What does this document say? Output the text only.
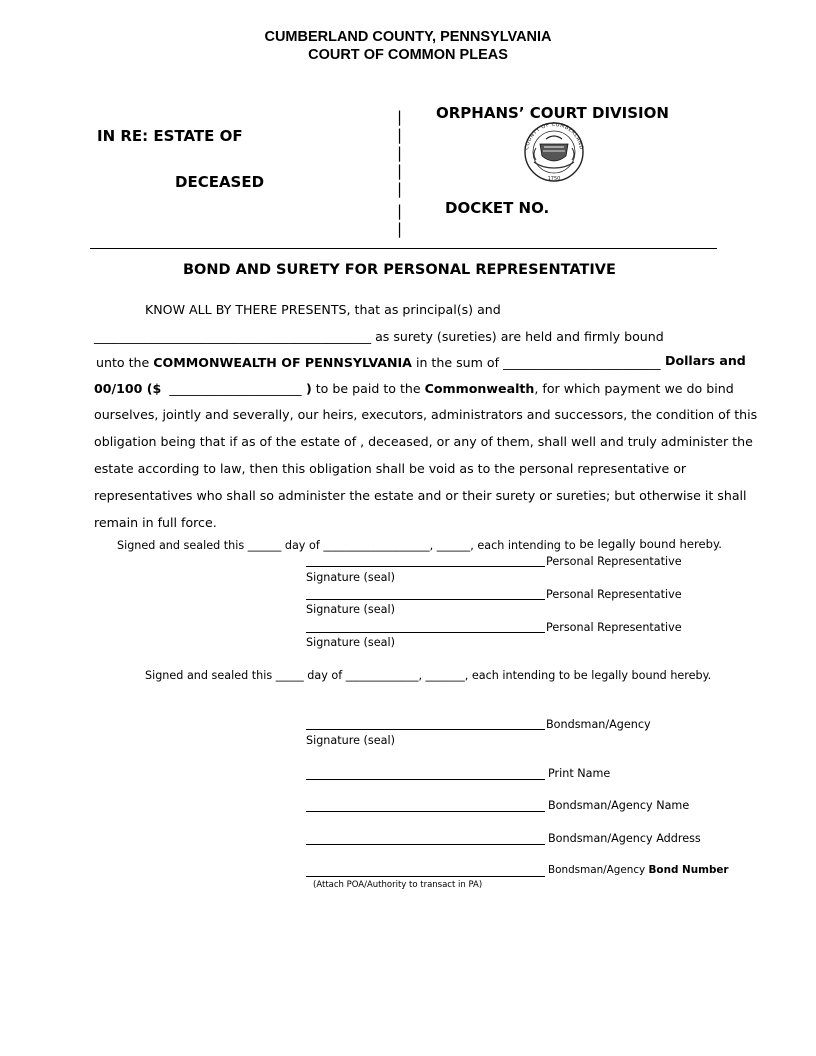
CUMBERLAND COUNTY, PENNSYLVANIA
COURT OF COMMON PLEAS
IN RE: ESTATE OF
DECEASED
ORPHANS’ COURT DIVISION
DOCKET NO.
|
|
|
|
|
|
|
COUNTY OF CUMBERLAND
1750
BOND AND SURETY FOR PERSONAL REPRESENTATIVE
KNOW ALL BY THERE PRESENTS, that as principal(s) and
____________________________________________ as surety (sureties) are held and firmly bound
unto the COMMONWEALTH OF PENNSYLVANIA in the sum of _________________________ Dollars and
00/100 ($ _____________________ ) to be paid to the Commonwealth, for which payment we do bind
ourselves, jointly and severally, our heirs, executors, administrators and successors, the condition of this
obligation being that if as of the estate of , deceased, or any of them, shall well and truly administer the
estate according to law, then this obligation shall be void as to the personal representative or
representatives who shall so administer the estate and or their surety or sureties; but otherwise it shall
remain in full force.
Signed and sealed this ______ day of ___________________, ______, each intending to be legally bound hereby.
Personal Representative
Signature (seal)
Personal Representative
Signature (seal)
Personal Representative
Signature (seal)
Signed and sealed this _____ day of _____________, _______, each intending to be legally bound hereby.
Bondsman/Agency
Signature (seal)
Print Name
Bondsman/Agency Name
Bondsman/Agency Address
Bondsman/Agency Bond Number
(Attach POA/Authority to transact in PA)
